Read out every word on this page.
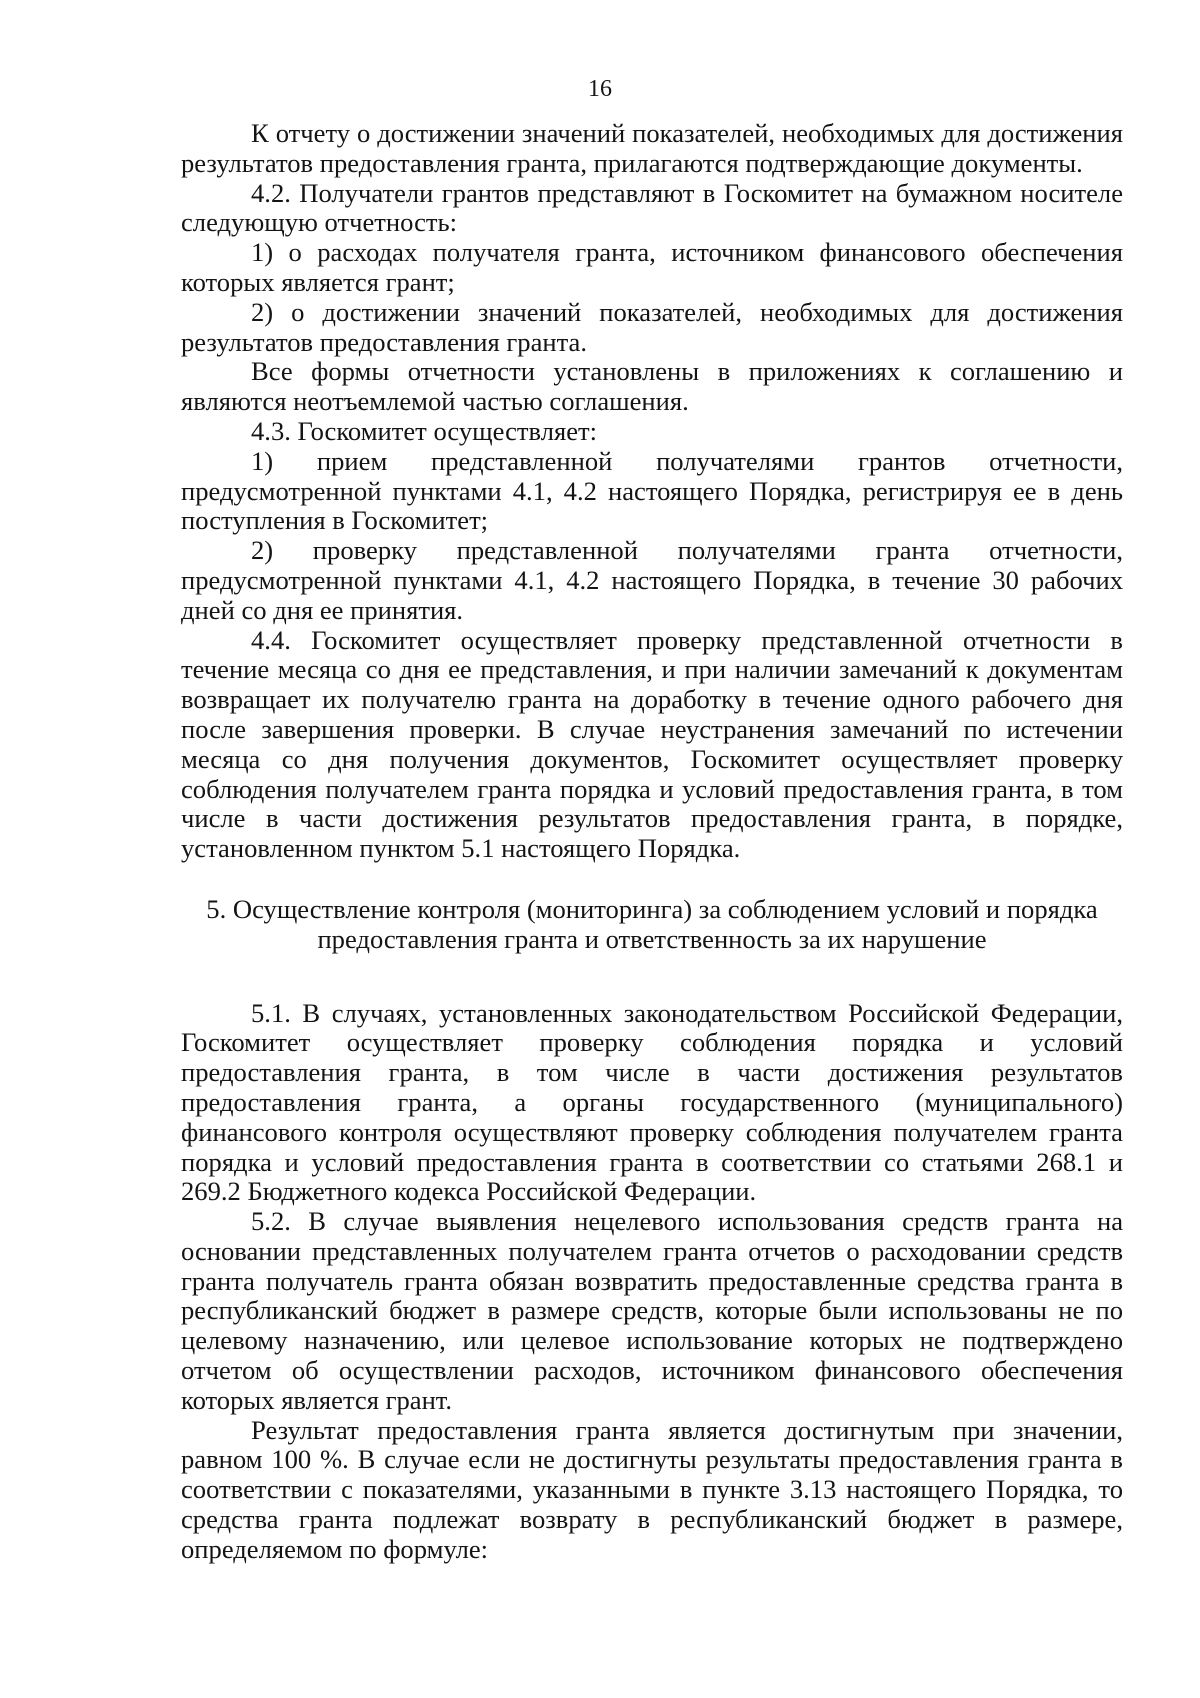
16

К отчету о достижении значений показателей, необходимых для достижения результатов предоставления гранта, прилагаются подтверждающие документы.

4.2. Получатели грантов представляют в Госкомитет на бумажном носителе следующую отчетность:

1) о расходах получателя гранта, источником финансового обеспечения которых является грант;

2) о достижении значений показателей, необходимых для достижения результатов предоставления гранта.

Все формы отчетности установлены в приложениях к соглашению и являются неотъемлемой частью соглашения.

4.3. Госкомитет осуществляет:

1) прием представленной получателями грантов отчетности, предусмотренной пунктами 4.1, 4.2 настоящего Порядка, регистрируя ее в день поступления в Госкомитет;

2) проверку представленной получателями гранта отчетности, предусмотренной пунктами 4.1, 4.2 настоящего Порядка, в течение 30 рабочих дней со дня ее принятия.

4.4. Госкомитет осуществляет проверку представленной отчетности в течение месяца со дня ее представления, и при наличии замечаний к документам возвращает их получателю гранта на доработку в течение одного рабочего дня после завершения проверки. В случае неустранения замечаний по истечении месяца со дня получения документов, Госкомитет осуществляет проверку соблюдения получателем гранта порядка и условий предоставления гранта, в том числе в части достижения результатов предоставления гранта, в порядке, установленном пунктом 5.1 настоящего Порядка.

5. Осуществление контроля (мониторинга) за соблюдением условий и порядка

предоставления гранта и ответственность за их нарушение

5.1. В случаях, установленных законодательством Российской Федерации, Госкомитет осуществляет проверку соблюдения порядка и условий предоставления гранта, в том числе в части достижения результатов предоставления гранта, а органы государственного (муниципального) финансового контроля осуществляют проверку соблюдения получателем гранта порядка и условий предоставления гранта в соответствии со статьями 268.1 и 269.2 Бюджетного кодекса Российской Федерации.

5.2. В случае выявления нецелевого использования средств гранта на основании представленных получателем гранта отчетов о расходовании средств гранта получатель гранта обязан возвратить предоставленные средства гранта в республиканский бюджет в размере средств, которые были использованы не по целевому назначению, или целевое использование которых не подтверждено отчетом об осуществлении расходов, источником финансового обеспечения которых является грант.

Результат предоставления гранта является достигнутым при значении, равном 100 %. В случае если не достигнуты результаты предоставления гранта в соответствии с показателями, указанными в пункте 3.13 настоящего Порядка, то средства гранта подлежат возврату в республиканский бюджет в размере, определяемом по формуле:
